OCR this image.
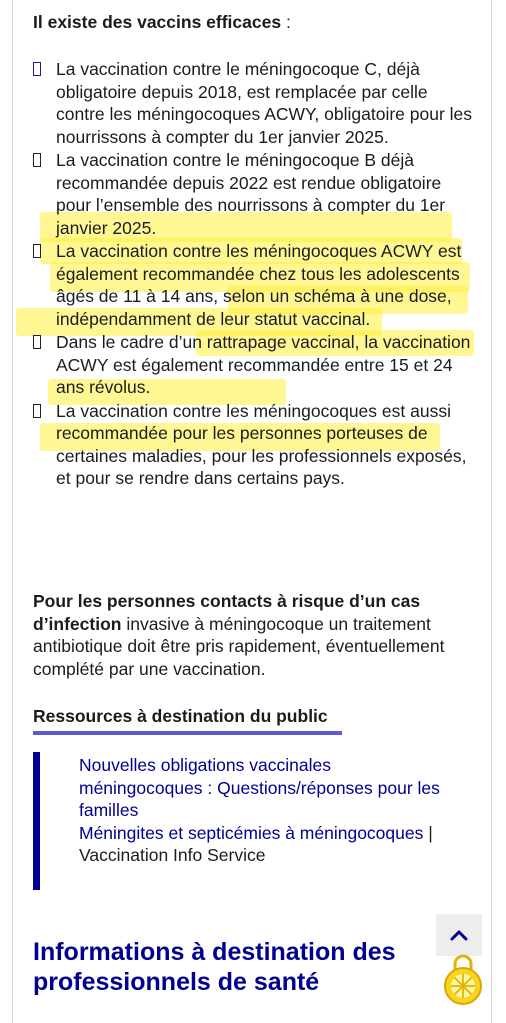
Il existe des vaccins efficaces :
La vaccination contre le méningocoque C, déjà obligatoire depuis 2018, est remplacée par celle contre les méningocoques ACWY, obligatoire pour les nourrissons à compter du 1er janvier 2025.
La vaccination contre le méningocoque B déjà recommandée depuis 2022 est rendue obligatoire pour l’ensemble des nourrissons à compter du 1er janvier 2025.
La vaccination contre les méningocoques ACWY est également recommandée chez tous les adolescents âgés de 11 à 14 ans, selon un schéma à une dose, indépendamment de leur statut vaccinal.
Dans le cadre d’un rattrapage vaccinal, la vaccination ACWY est également recommandée entre 15 et 24 ans révolus.
La vaccination contre les méningocoques est aussi recommandée pour les personnes porteuses de certaines maladies, pour les professionnels exposés, et pour se rendre dans certains pays.
Pour les personnes contacts à risque d’un cas d’infection invasive à méningocoque un traitement antibiotique doit être pris rapidement, éventuellement complété par une vaccination.
Ressources à destination du public
Nouvelles obligations vaccinales méningocoques : Questions/réponses pour les familles
Méningites et septicémies à méningocoques | Vaccination Info Service
Informations à destination des professionnels de santé
